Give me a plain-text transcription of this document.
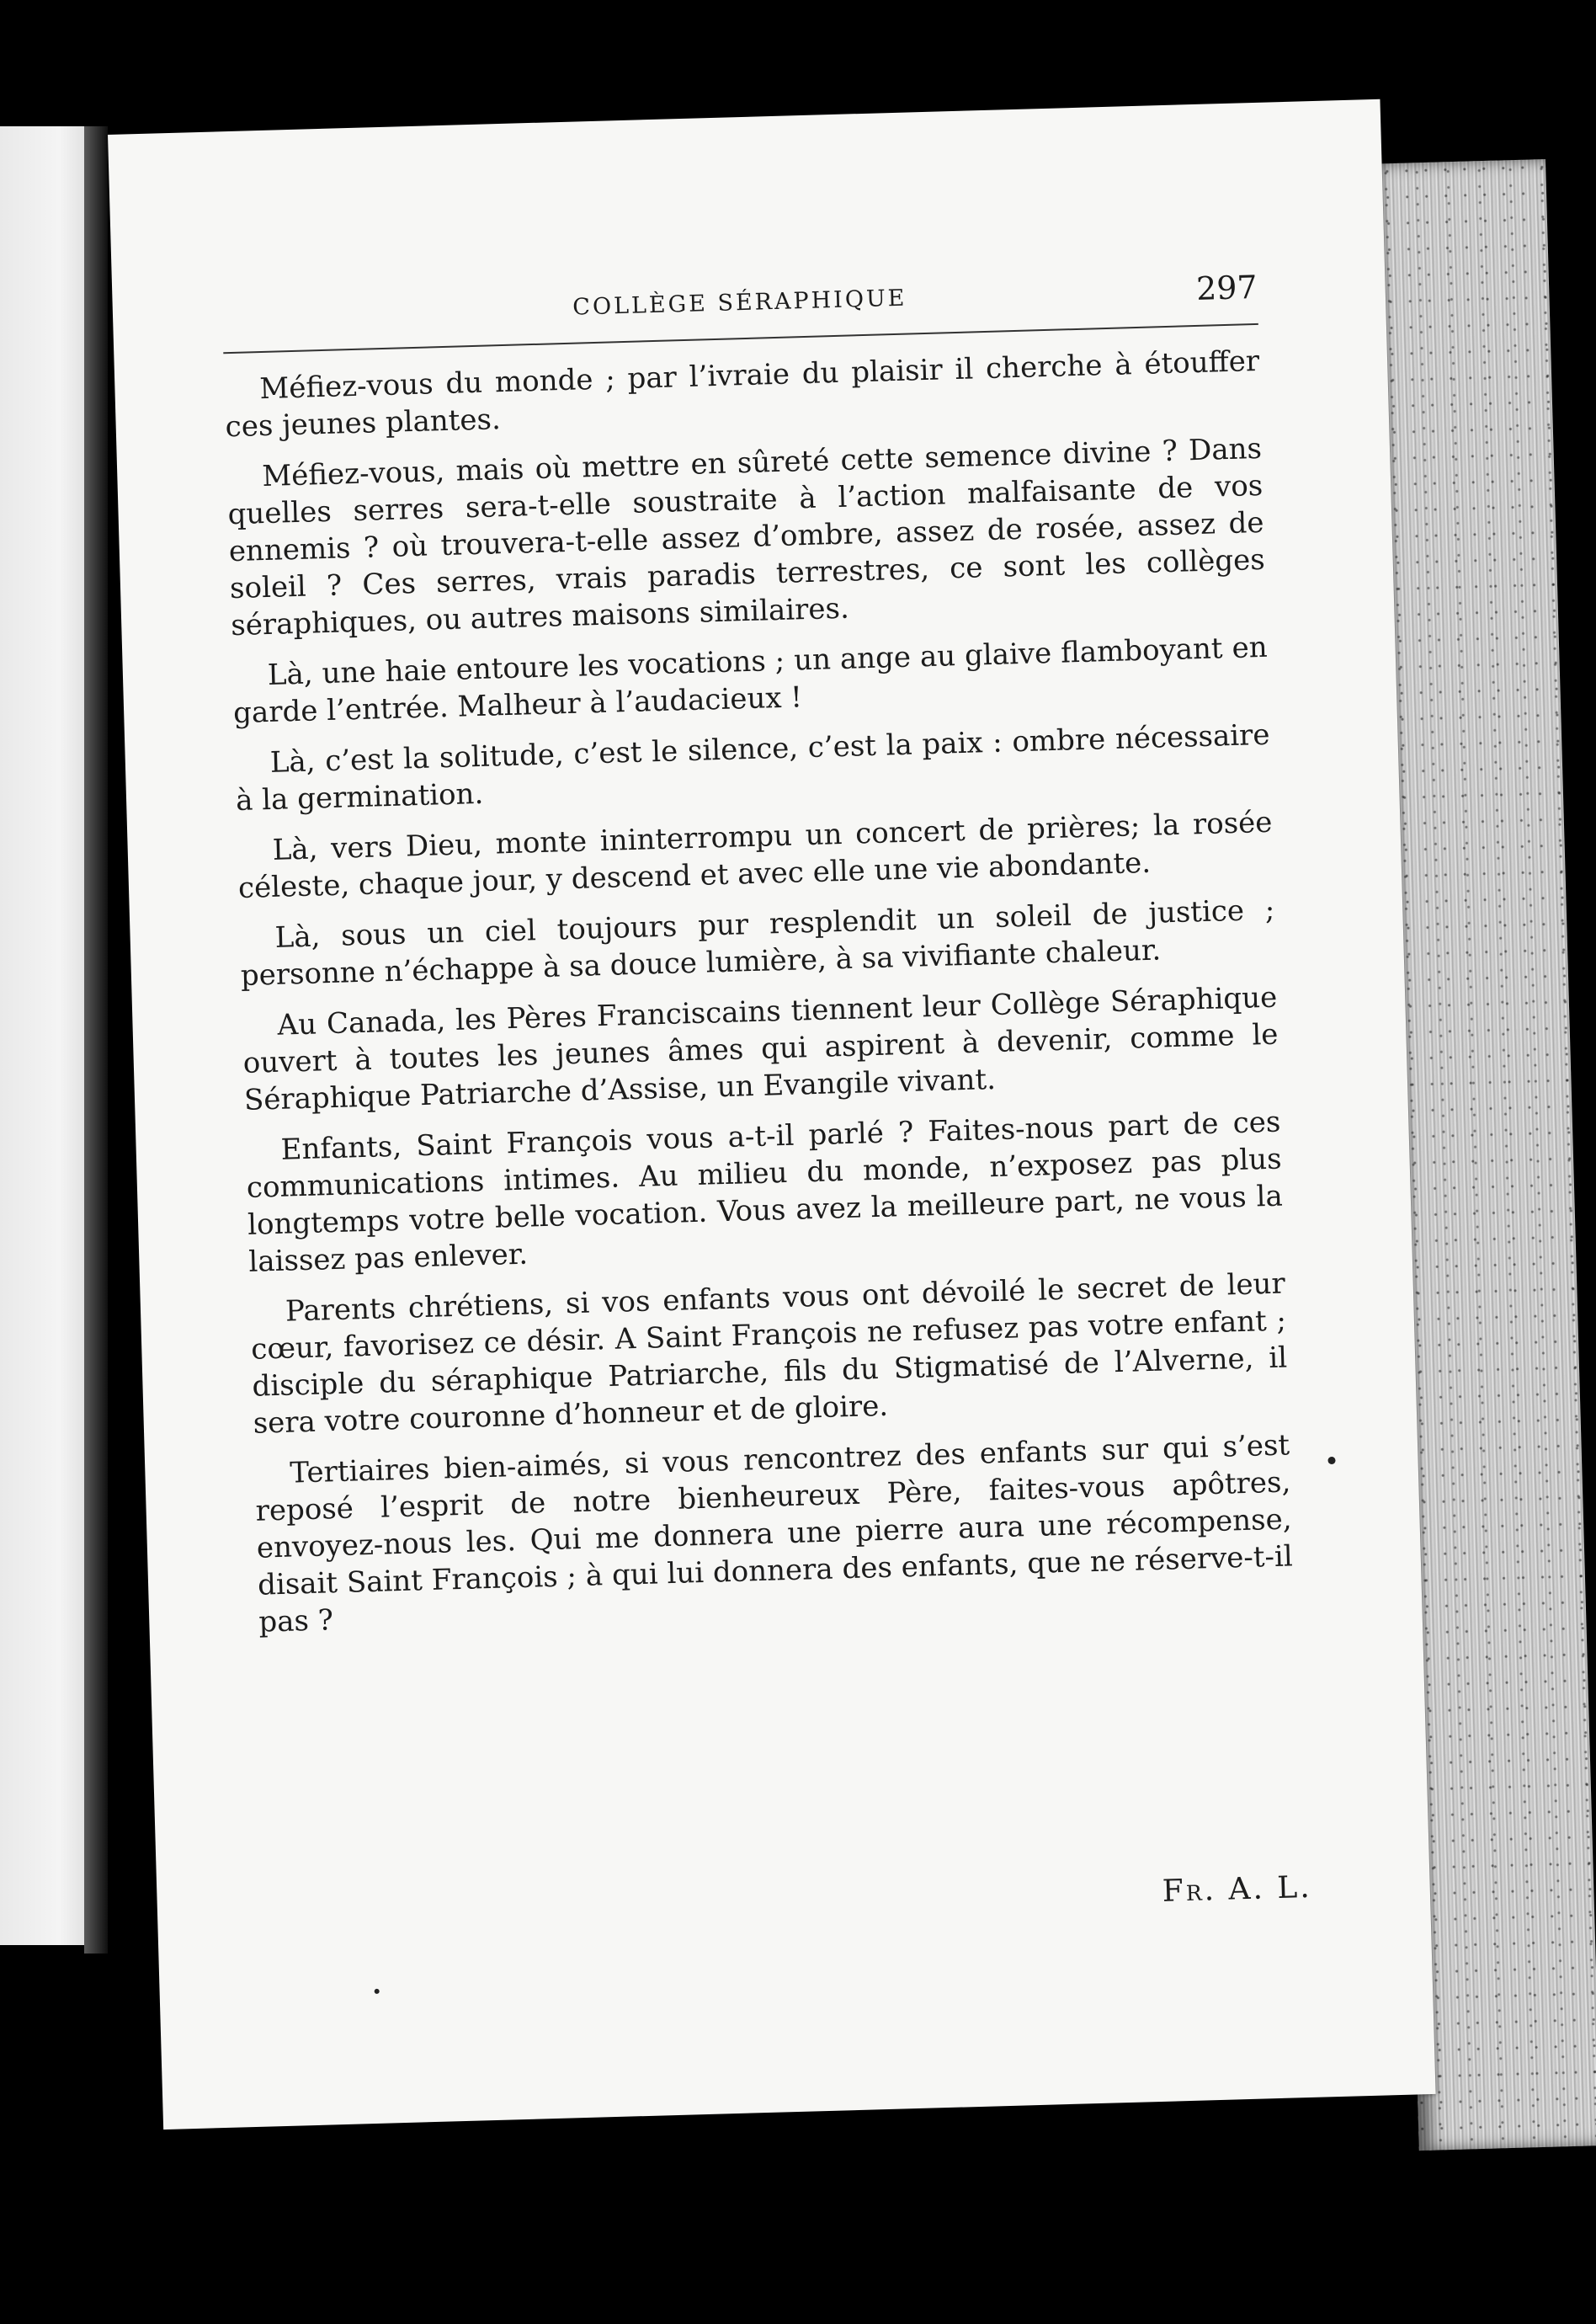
COLLÈGE SÉRAPHIQUE	297

Méfiez-vous du monde ; par l’ivraie du plaisir il cherche à étouffer ces jeunes plantes.

Méfiez-vous, mais où mettre en sûreté cette semence divine ? Dans quelles serres sera-t-elle soustraite à l’action malfaisante de vos ennemis ? où trouvera-t-elle assez d’ombre, assez de rosée, assez de soleil ? Ces serres, vrais paradis terrestres, ce sont les collèges séraphiques, ou autres maisons similaires.

Là, une haie entoure les vocations ; un ange au glaive flamboyant en garde l’entrée. Malheur à l’audacieux !

Là, c’est la solitude, c’est le silence, c’est la paix : ombre nécessaire à la germination.

Là, vers Dieu, monte ininterrompu un concert de prières; la rosée céleste, chaque jour, y descend et avec elle une vie abondante.

Là, sous un ciel toujours pur resplendit un soleil de justice ; personne n’échappe à sa douce lumière, à sa vivifiante chaleur.

Au Canada, les Pères Franciscains tiennent leur Collège Séraphique ouvert à toutes les jeunes âmes qui aspirent à devenir, comme le Séraphique Patriarche d’Assise, un Evangile vivant.

Enfants, Saint François vous a-t-il parlé ? Faites-nous part de ces communications intimes. Au milieu du monde, n’exposez pas plus longtemps votre belle vocation. Vous avez la meilleure part, ne vous la laissez pas enlever.

Parents chrétiens, si vos enfants vous ont dévoilé le secret de leur cœur, favorisez ce désir. A Saint François ne refusez pas votre enfant ; disciple du séraphique Patriarche, fils du Stigmatisé de l’Alverne, il sera votre couronne d’honneur et de gloire.

Tertiaires bien-aimés, si vous rencontrez des enfants sur qui s’est reposé l’esprit de notre bienheureux Père, faites-vous apôtres, envoyez-nous les. Qui me donnera une pierre aura une récompense, disait Saint François ; à qui lui donnera des enfants, que ne réserve-t-il pas ?

Fr. A. L.
